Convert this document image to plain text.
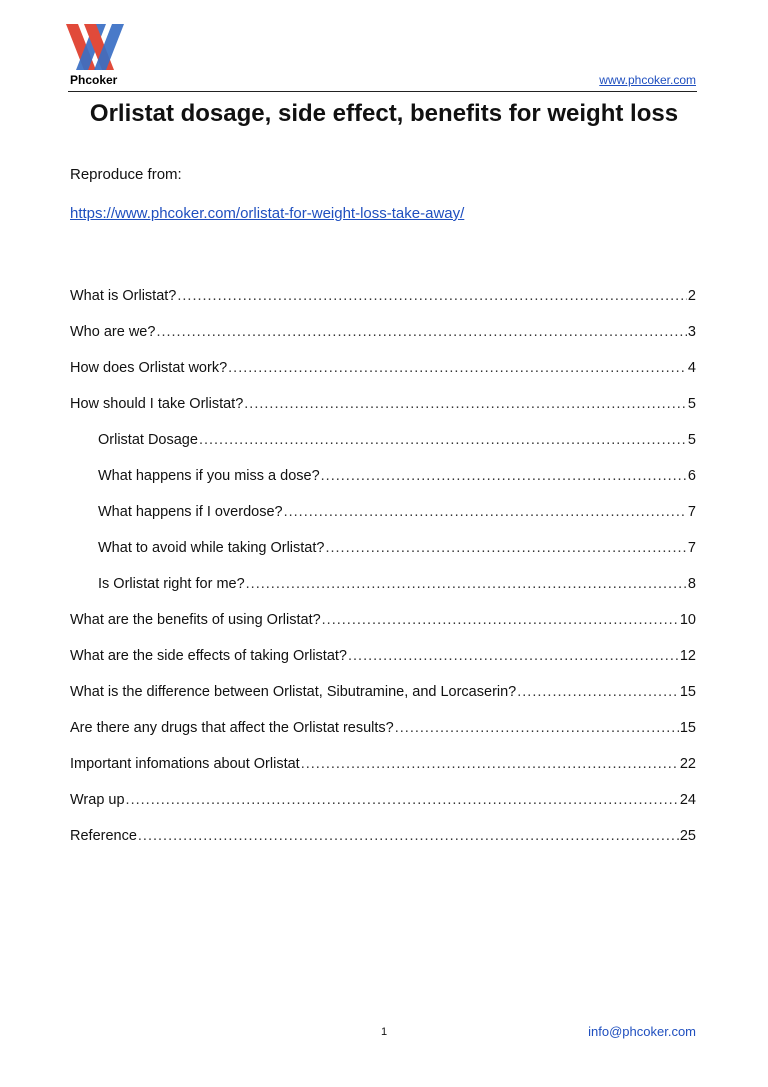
Phcoker	www.phcoker.com
Orlistat dosage, side effect, benefits for weight loss
Reproduce from:
https://www.phcoker.com/orlistat-for-weight-loss-take-away/
What is Orlistat? .....	2
Who are we? .....	3
How does Orlistat work? .....	4
How should I take Orlistat? .....	5
Orlistat Dosage .....	5
What happens if you miss a dose? .....	6
What happens if I overdose? .....	7
What to avoid while taking Orlistat? .....	7
Is Orlistat right for me? .....	8
What are the benefits of using Orlistat? .....	10
What are the side effects of taking Orlistat? .....	12
What is the difference between Orlistat, Sibutramine, and Lorcaserin? .....	15
Are there any drugs that affect the Orlistat results? .....	15
Important infomations about Orlistat .....	22
Wrap up .....	24
Reference .....	25
1	info@phcoker.com
